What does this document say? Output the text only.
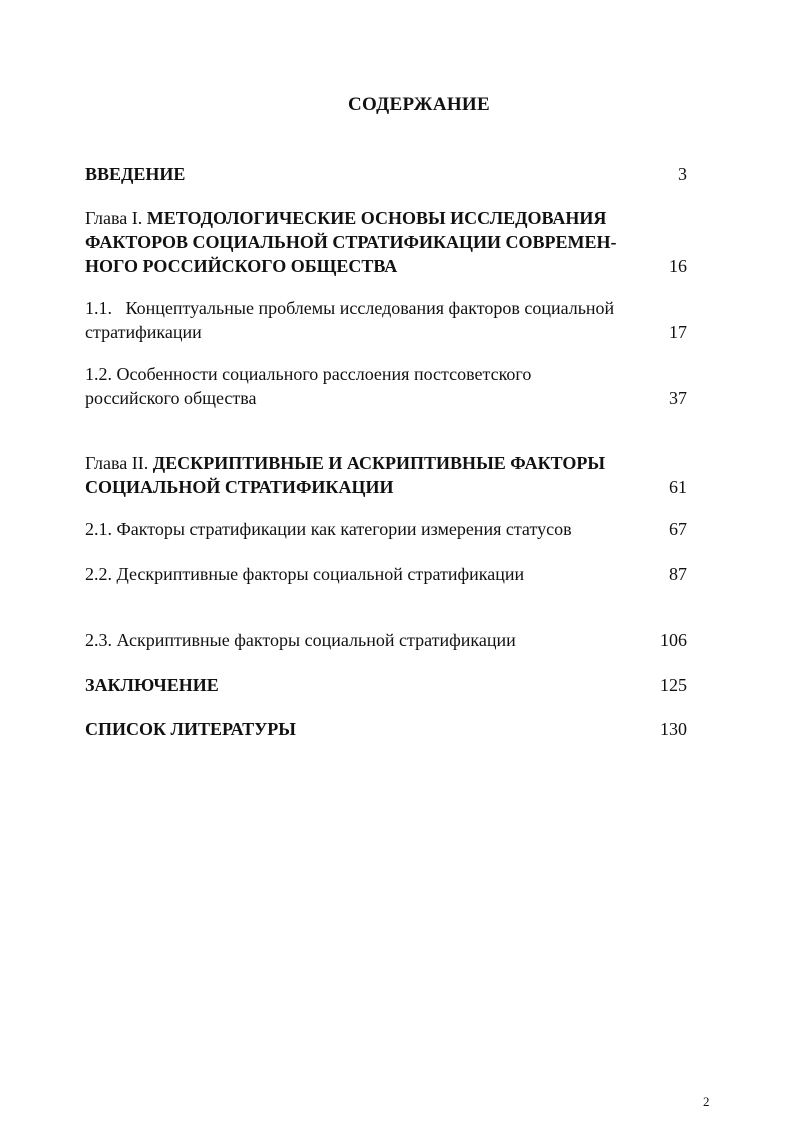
СОДЕРЖАНИЕ
ВВЕДЕНИЕ	3
Глава I. МЕТОДОЛОГИЧЕСКИЕ ОСНОВЫ ИССЛЕДОВАНИЯ ФАКТОРОВ СОЦИАЛЬНОЙ СТРАТИФИКАЦИИ СОВРЕМЕН-НОГО РОССИЙСКОГО ОБЩЕСТВА	16
1.1.   Концептуальные проблемы исследования факторов социальной стратификации	17
1.2. Особенности социального расслоения постсоветского российского общества	37
Глава II. ДЕСКРИПТИВНЫЕ И АСКРИПТИВНЫЕ ФАКТОРЫ СОЦИАЛЬНОЙ СТРАТИФИКАЦИИ	61
2.1. Факторы стратификации как категории измерения статусов	67
2.2. Дескриптивные факторы социальной стратификации	87
2.3. Аскриптивные факторы социальной стратификации	106
ЗАКЛЮЧЕНИЕ	125
СПИСОК ЛИТЕРАТУРЫ	130
2
